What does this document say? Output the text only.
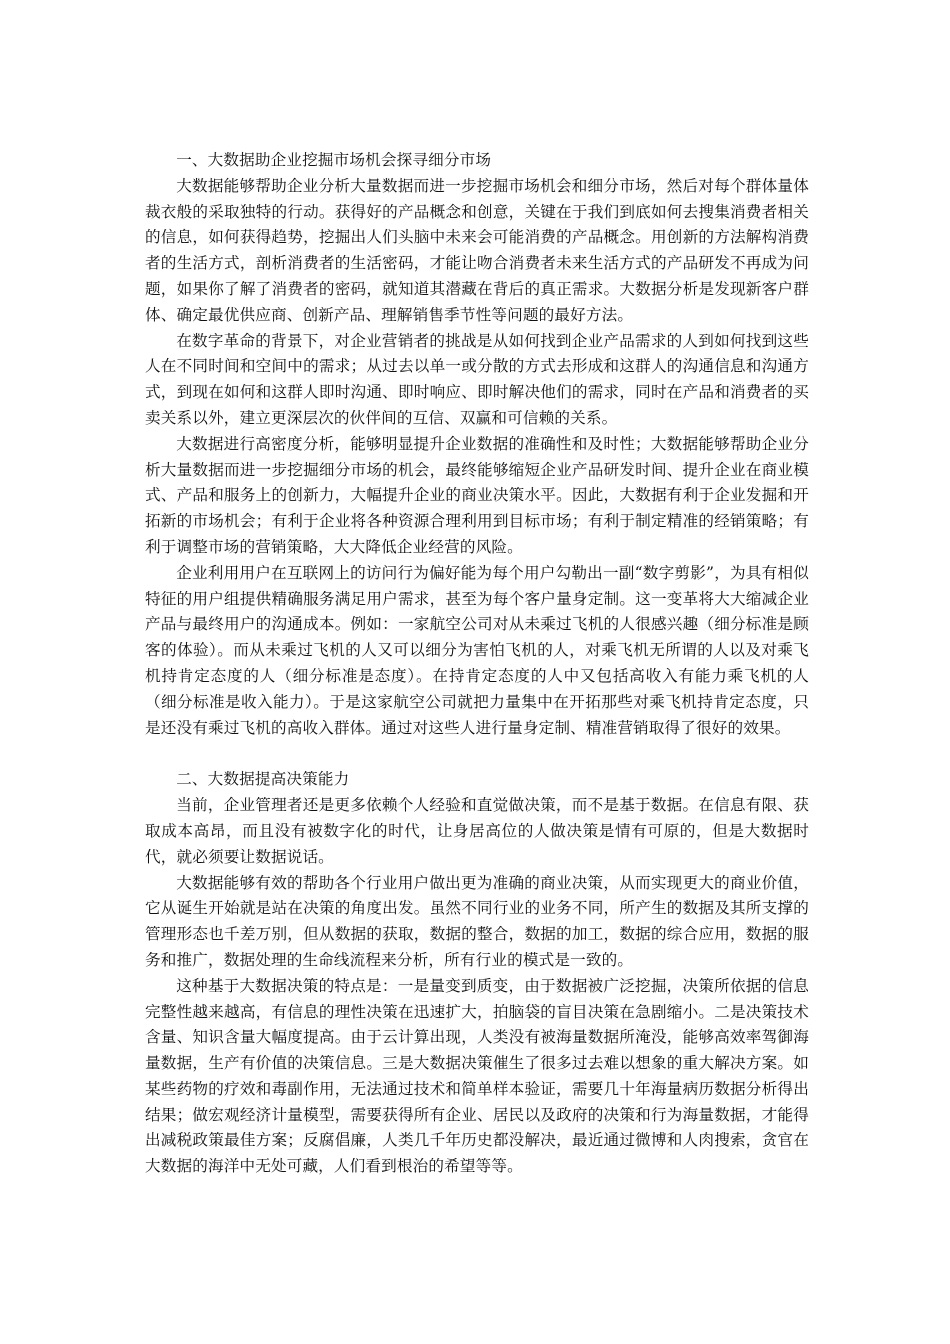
一、大数据助企业挖掘市场机会探寻细分市场

大数据能够帮助企业分析大量数据而进一步挖掘市场机会和细分市场，然后对每个群体量体裁衣般的采取独特的行动。获得好的产品概念和创意，关键在于我们到底如何去搜集消费者相关的信息，如何获得趋势，挖掘出人们头脑中未来会可能消费的产品概念。用创新的方法解构消费者的生活方式，剖析消费者的生活密码，才能让吻合消费者未来生活方式的产品研发不再成为问题，如果你了解了消费者的密码，就知道其潜藏在背后的真正需求。大数据分析是发现新客户群体、确定最优供应商、创新产品、理解销售季节性等问题的最好方法。

在数字革命的背景下，对企业营销者的挑战是从如何找到企业产品需求的人到如何找到这些人在不同时间和空间中的需求；从过去以单一或分散的方式去形成和这群人的沟通信息和沟通方式，到现在如何和这群人即时沟通、即时响应、即时解决他们的需求，同时在产品和消费者的买卖关系以外，建立更深层次的伙伴间的互信、双赢和可信赖的关系。

大数据进行高密度分析，能够明显提升企业数据的准确性和及时性；大数据能够帮助企业分析大量数据而进一步挖掘细分市场的机会，最终能够缩短企业产品研发时间、提升企业在商业模式、产品和服务上的创新力，大幅提升企业的商业决策水平。因此，大数据有利于企业发掘和开拓新的市场机会；有利于企业将各种资源合理利用到目标市场；有利于制定精准的经销策略；有利于调整市场的营销策略，大大降低企业经营的风险。

企业利用用户在互联网上的访问行为偏好能为每个用户勾勒出一副“数字剪影”，为具有相似特征的用户组提供精确服务满足用户需求，甚至为每个客户量身定制。这一变革将大大缩减企业产品与最终用户的沟通成本。例如：一家航空公司对从未乘过飞机的人很感兴趣（细分标准是顾客的体验）。而从未乘过飞机的人又可以细分为害怕飞机的人，对乘飞机无所谓的人以及对乘飞机持肯定态度的人（细分标准是态度）。在持肯定态度的人中又包括高收入有能力乘飞机的人（细分标准是收入能力）。于是这家航空公司就把力量集中在开拓那些对乘飞机持肯定态度，只是还没有乘过飞机的高收入群体。通过对这些人进行量身定制、精准营销取得了很好的效果。

二、大数据提高决策能力

当前，企业管理者还是更多依赖个人经验和直觉做决策，而不是基于数据。在信息有限、获取成本高昂，而且没有被数字化的时代，让身居高位的人做决策是情有可原的，但是大数据时代，就必须要让数据说话。

大数据能够有效的帮助各个行业用户做出更为准确的商业决策，从而实现更大的商业价值，它从诞生开始就是站在决策的角度出发。虽然不同行业的业务不同，所产生的数据及其所支撑的管理形态也千差万别，但从数据的获取，数据的整合，数据的加工，数据的综合应用，数据的服务和推广，数据处理的生命线流程来分析，所有行业的模式是一致的。

这种基于大数据决策的特点是：一是量变到质变，由于数据被广泛挖掘，决策所依据的信息完整性越来越高，有信息的理性决策在迅速扩大，拍脑袋的盲目决策在急剧缩小。二是决策技术含量、知识含量大幅度提高。由于云计算出现，人类没有被海量数据所淹没，能够高效率驾御海量数据，生产有价值的决策信息。三是大数据决策催生了很多过去难以想象的重大解决方案。如某些药物的疗效和毒副作用，无法通过技术和简单样本验证，需要几十年海量病历数据分析得出结果；做宏观经济计量模型，需要获得所有企业、居民以及政府的决策和行为海量数据，才能得出减税政策最佳方案；反腐倡廉，人类几千年历史都没解决，最近通过微博和人肉搜索，贪官在大数据的海洋中无处可藏，人们看到根治的希望等等。
